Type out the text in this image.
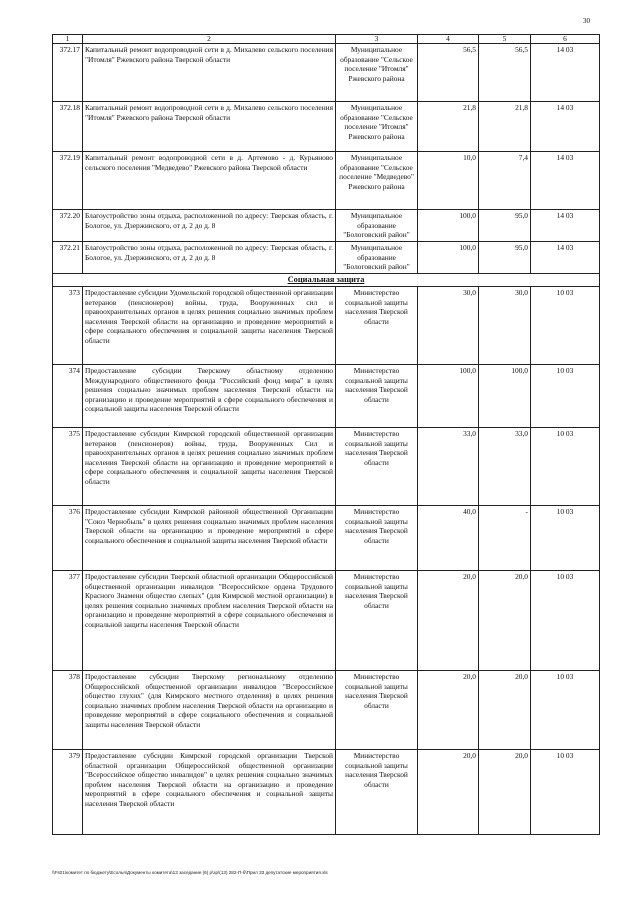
30
1	2	3	4	5	6
372.17	Капитальный ремонт водопроводной сети в д. Михалево сельского поселения "Итомля" Ржевского района Тверской области	Муниципальное образование "Сельское поселение "Итомля" Ржевского района	56,5	56,5	14 03
372.18	Капитальный ремонт водопроводной сети в д. Михалево сельского поселения "Итомля" Ржевского района Тверской области	Муниципальное образование "Сельское поселение "Итомля" Ржевского района	21,8	21,8	14 03
372.19	Капитальный ремонт водопроводной сети в д. Артемово - д. Курьяново сельского поселения "Медведево" Ржевского района Тверской области	Муниципальное образование "Сельское поселение "Медведево" Ржевского района	10,0	7,4	14 03
372.20	Благоустройство зоны отдыха, расположенной по адресу: Тверская область, г. Бологое, ул. Дзержинского, от д. 2 до д. 8	Муниципальное образование "Бологовский район"	100,0	95,0	14 03
372.21	Благоустройство зоны отдыха, расположенной по адресу: Тверская область, г. Бологое, ул. Дзержинского, от д. 2 до д. 8	Муниципальное образование "Бологовский район"	100,0	95,0	14 03
Социальная защита					
373	Предоставление субсидии Удомельской городской общественной организации ветеранов (пенсионеров) войны, труда, Вооруженных сил и правоохранительных органов в целях решения социально значимых проблем населения Тверской области на организацию и проведение мероприятий в сфере социального обеспечения и социальной защиты населения Тверской области	Министерство социальной защиты населения Тверской области	30,0	30,0	10 03
374	Предоставление субсидии Тверскому областному отделению Международного общественного фонда "Российский фонд мира" в целях решения социально значимых проблем населения Тверской области на организацию и проведение мероприятий в сфере социального обеспечения и социальной защиты населения Тверской области	Министерство социальной защиты населения Тверской области	100,0	100,0	10 03
375	Предоставление субсидии Кимрской городской общественной организации ветеранов (пенсионеров) войны, труда, Вооруженных Сил и правоохранительных органов в целях решения социально значимых проблем населения Тверской области на организацию и проведение мероприятий в сфере социального обеспечения и социальной защиты населения Тверской области	Министерство социальной защиты населения Тверской области	33,0	33,0	10 03
376	Предоставление субсидии Кимрской районной общественной Организации "Союз Чернобыль" в целях решения социально значимых проблем населения Тверской области на организацию и проведение мероприятий в сфере социального обеспечения и социальной защиты населения Тверской области	Министерство социальной защиты населения Тверской области	40,0	-	10 03
377	Предоставление субсидии Тверской областной организации Общероссийской общественной организации инвалидов "Всероссийское ордена Трудового Красного Знамени общество слепых" (для Кимрской местной организации) в целях решения социально значимых проблем населения Тверской области на организацию и проведение мероприятий в сфере социального обеспечения и социальной защиты населения Тверской области	Министерство социальной защиты населения Тверской области	20,0	20,0	10 03
378	Предоставление субсидии Тверскому региональному отделению Общероссийской общественной организации инвалидов "Всероссийское общество глухих" (для Кимрского местного отделения) в целях решения социально значимых проблем населения Тверской области на организацию и проведение мероприятий в сфере социального обеспечения и социальной защиты населения Тверской области	Министерство социальной защиты населения Тверской области	20,0	20,0	10 03
379	Предоставление субсидии Кимрской городской организации Тверской областной организации Общероссийской общественной организации "Всероссийское общество инвалидов" в целях решения социально значимых проблем населения Тверской области на организацию и проведение мероприятий в сфере социального обеспечения и социальной защиты населения Тверской области	Министерство социальной защиты населения Тверской области	20,0	20,0	10 03
\\Fs01\комитет по бюджету\Есолья\Документы комитета\13 заседание (6) р\зр\(13) 282-П-б\Прил 33 депутатские мероприятия.xls
